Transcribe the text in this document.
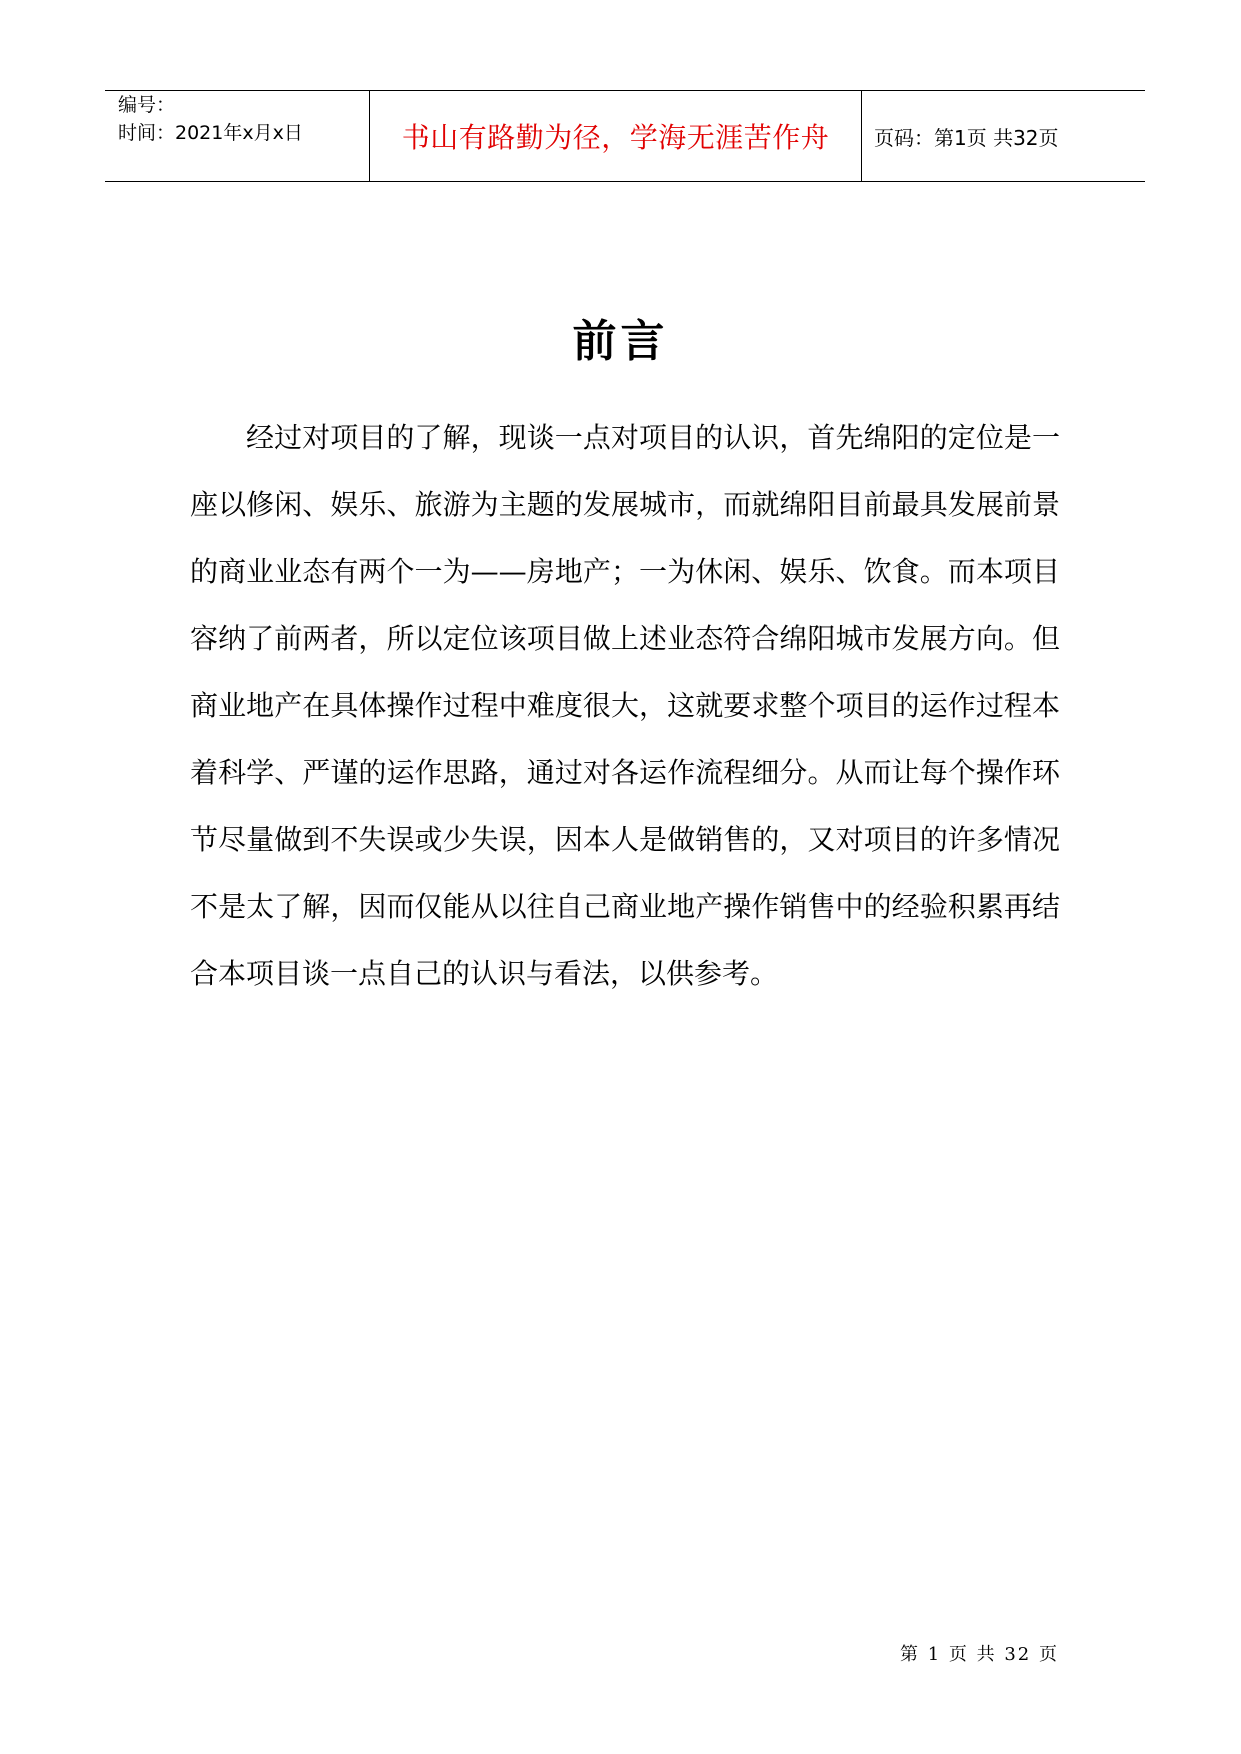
编号：
时间：2021年x月x日	书山有路勤为径，学海无涯苦作舟 页码：第1页 共32页
前言

经过对项目的了解，现谈一点对项目的认识，首先绵阳的定位是一座以修闲、娱乐、旅游为主题的发展城市，而就绵阳目前最具发展前景的商业业态有两个一为——房地产；一为休闲、娱乐、饮食。而本项目容纳了前两者，所以定位该项目做上述业态符合绵阳城市发展方向。但商业地产在具体操作过程中难度很大，这就要求整个项目的运作过程本着科学、严谨的运作思路，通过对各运作流程细分。从而让每个操作环节尽量做到不失误或少失误，因本人是做销售的，又对项目的许多情况不是太了解，因而仅能从以往自己商业地产操作销售中的经验积累再结合本项目谈一点自己的认识与看法，以供参考。

第 1 页 共 32 页
